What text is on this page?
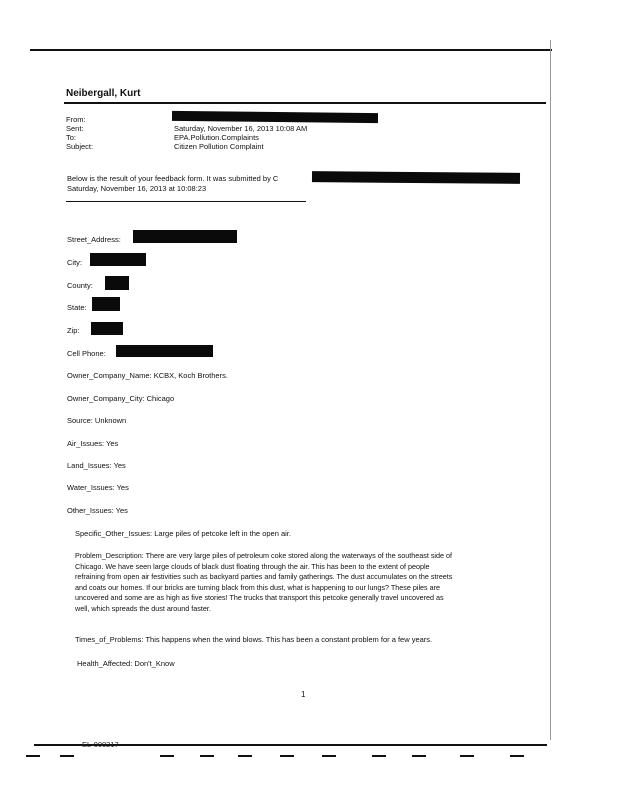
Neibergall, Kurt
From:
Sent:	Saturday, November 16, 2013 10:08 AM
To:	EPA.Pollution.Complaints
Subject:	Citizen Pollution Complaint
Below is the result of your feedback form. It was submitted by C
Saturday, November 16, 2013 at 10:08:23
Street_Address:
City:
County:
State:
Zip:
Cell Phone:
Owner_Company_Name: KCBX, Koch Brothers.
Owner_Company_City: Chicago
Source: Unknown
Air_Issues: Yes
Land_Issues: Yes
Water_Issues: Yes
Other_Issues: Yes
Specific_Other_Issues: Large piles of petcoke left in the open air.
Problem_Description: There are very large piles of petroleum coke stored along the waterways of the southeast side of
Chicago. We have seen large clouds of black dust floating through the air. This has been to the extent of people
refraining from open air festivities such as backyard parties and family gatherings. The dust accumulates on the streets
and coats our homes. If our bricks are turning black from this dust, what is happening to our lungs? These piles are
uncovered and some are as high as five stories! The trucks that transport this petcoke generally travel uncovered as
well, which spreads the dust around faster.
Times_of_Problems: This happens when the wind blows. This has been a constant problem for a few years.
Health_Affected: Don't_Know
1
EL-000217
